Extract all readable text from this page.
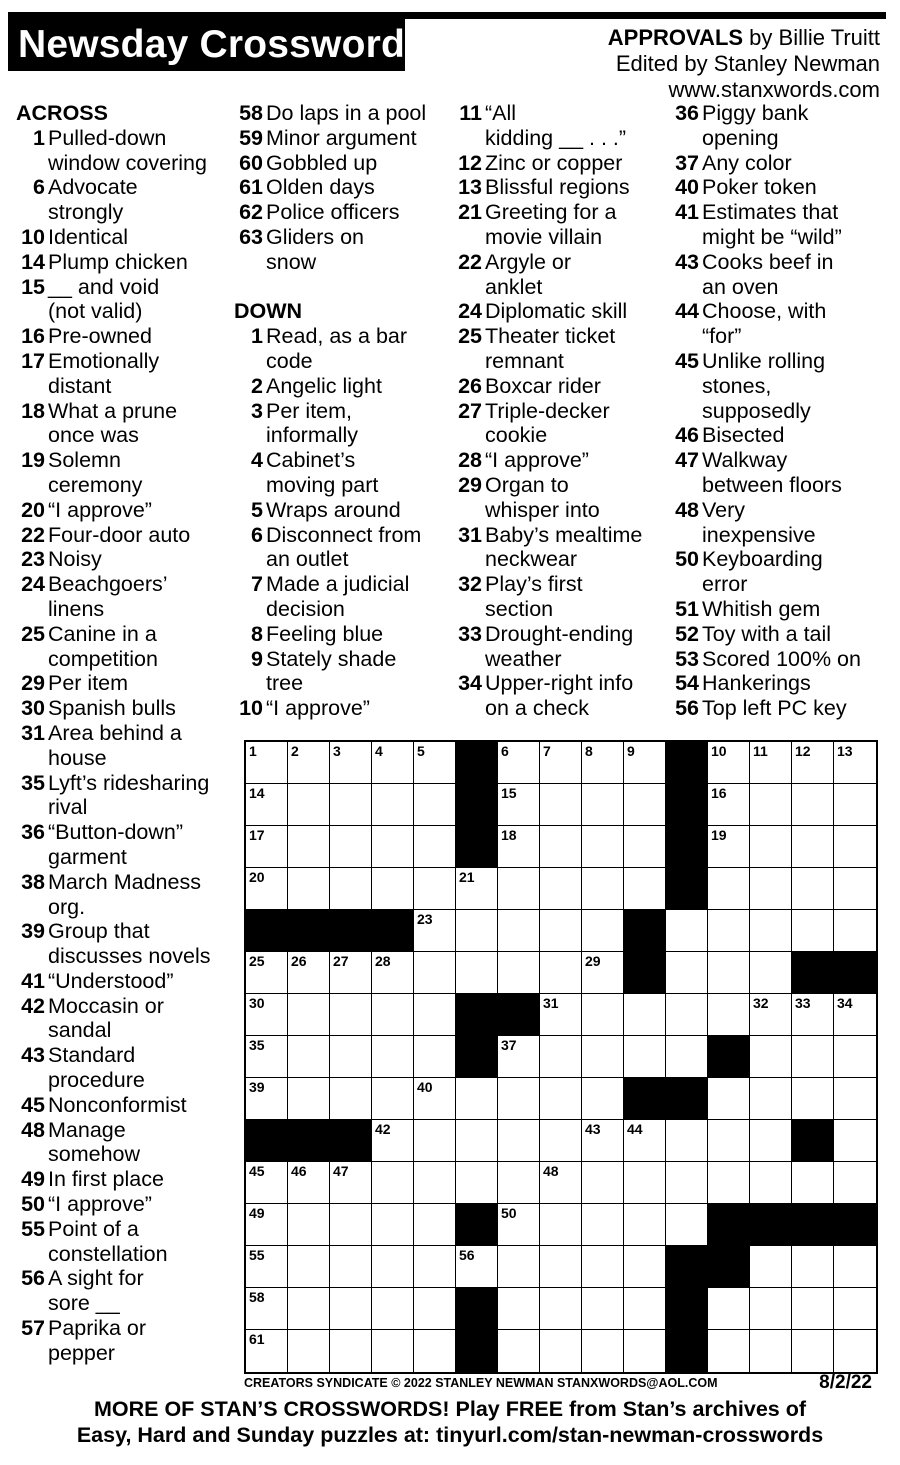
Newsday Crossword	APPROVALS by Billie Truitt
Edited by Stanley Newman
www.stanxwords.com
ACROSS
1 Pulled-down
window covering
6 Advocate
strongly
10 Identical
14 Plump chicken
15 __ and void
(not valid)
16 Pre-owned
17 Emotionally
distant
18 What a prune
once was
19 Solemn
ceremony
20 “I approve”
22 Four-door auto
23 Noisy
24 Beachgoers’
linens
25 Canine in a
competition
29 Per item
30 Spanish bulls
31 Area behind a
house
35 Lyft’s ridesharing
rival
36 “Button-down”
garment
38 March Madness
org.
39 Group that
discusses novels
41 “Understood”
42 Moccasin or
sandal
43 Standard
procedure
45 Nonconformist
48 Manage
somehow
49 In first place
50 “I approve”
55 Point of a
constellation
56 A sight for
sore __
57 Paprika or
pepper
58 Do laps in a pool
59 Minor argument
60 Gobbled up
61 Olden days
62 Police officers
63 Gliders on
snow
DOWN
1 Read, as a bar
code
2 Angelic light
3 Per item,
informally
4 Cabinet’s
moving part
5 Wraps around
6 Disconnect from
an outlet
7 Made a judicial
decision
8 Feeling blue
9 Stately shade
tree
10 “I approve”
11 “All
kidding __ . . .”
12 Zinc or copper
13 Blissful regions
21 Greeting for a
movie villain
22 Argyle or
anklet
24 Diplomatic skill
25 Theater ticket
remnant
26 Boxcar rider
27 Triple-decker
cookie
28 “I approve”
29 Organ to
whisper into
31 Baby’s mealtime
neckwear
32 Play’s first
section
33 Drought-ending
weather
34 Upper-right info
on a check
36 Piggy bank
opening
37 Any color
40 Poker token
41 Estimates that
might be “wild”
43 Cooks beef in
an oven
44 Choose, with
“for”
45 Unlike rolling
stones,
supposedly
46 Bisected
47 Walkway
between floors
48 Very
inexpensive
50 Keyboarding
error
51 Whitish gem
52 Toy with a tail
53 Scored 100% on
54 Hankerings
56 Top left PC key
1 2 3 4 5	6 7 8 9	10 11 12 13
14	15	16
17	18	19
20	21	22
23	24
25 26 27 28	29
30	31	32 33 34
35	36 37	38
39	40	41
42	43 44
45 46 47	48
49	50	51 52 53 54
55	56	57
58	59	60
61	62	63
CREATORS SYNDICATE © 2022 STANLEY NEWMAN STANXWORDS@AOL.COM	8/2/22
MORE OF STAN’S CROSSWORDS! Play FREE from Stan’s archives of
Easy, Hard and Sunday puzzles at: tinyurl.com/stan-newman-crosswords
